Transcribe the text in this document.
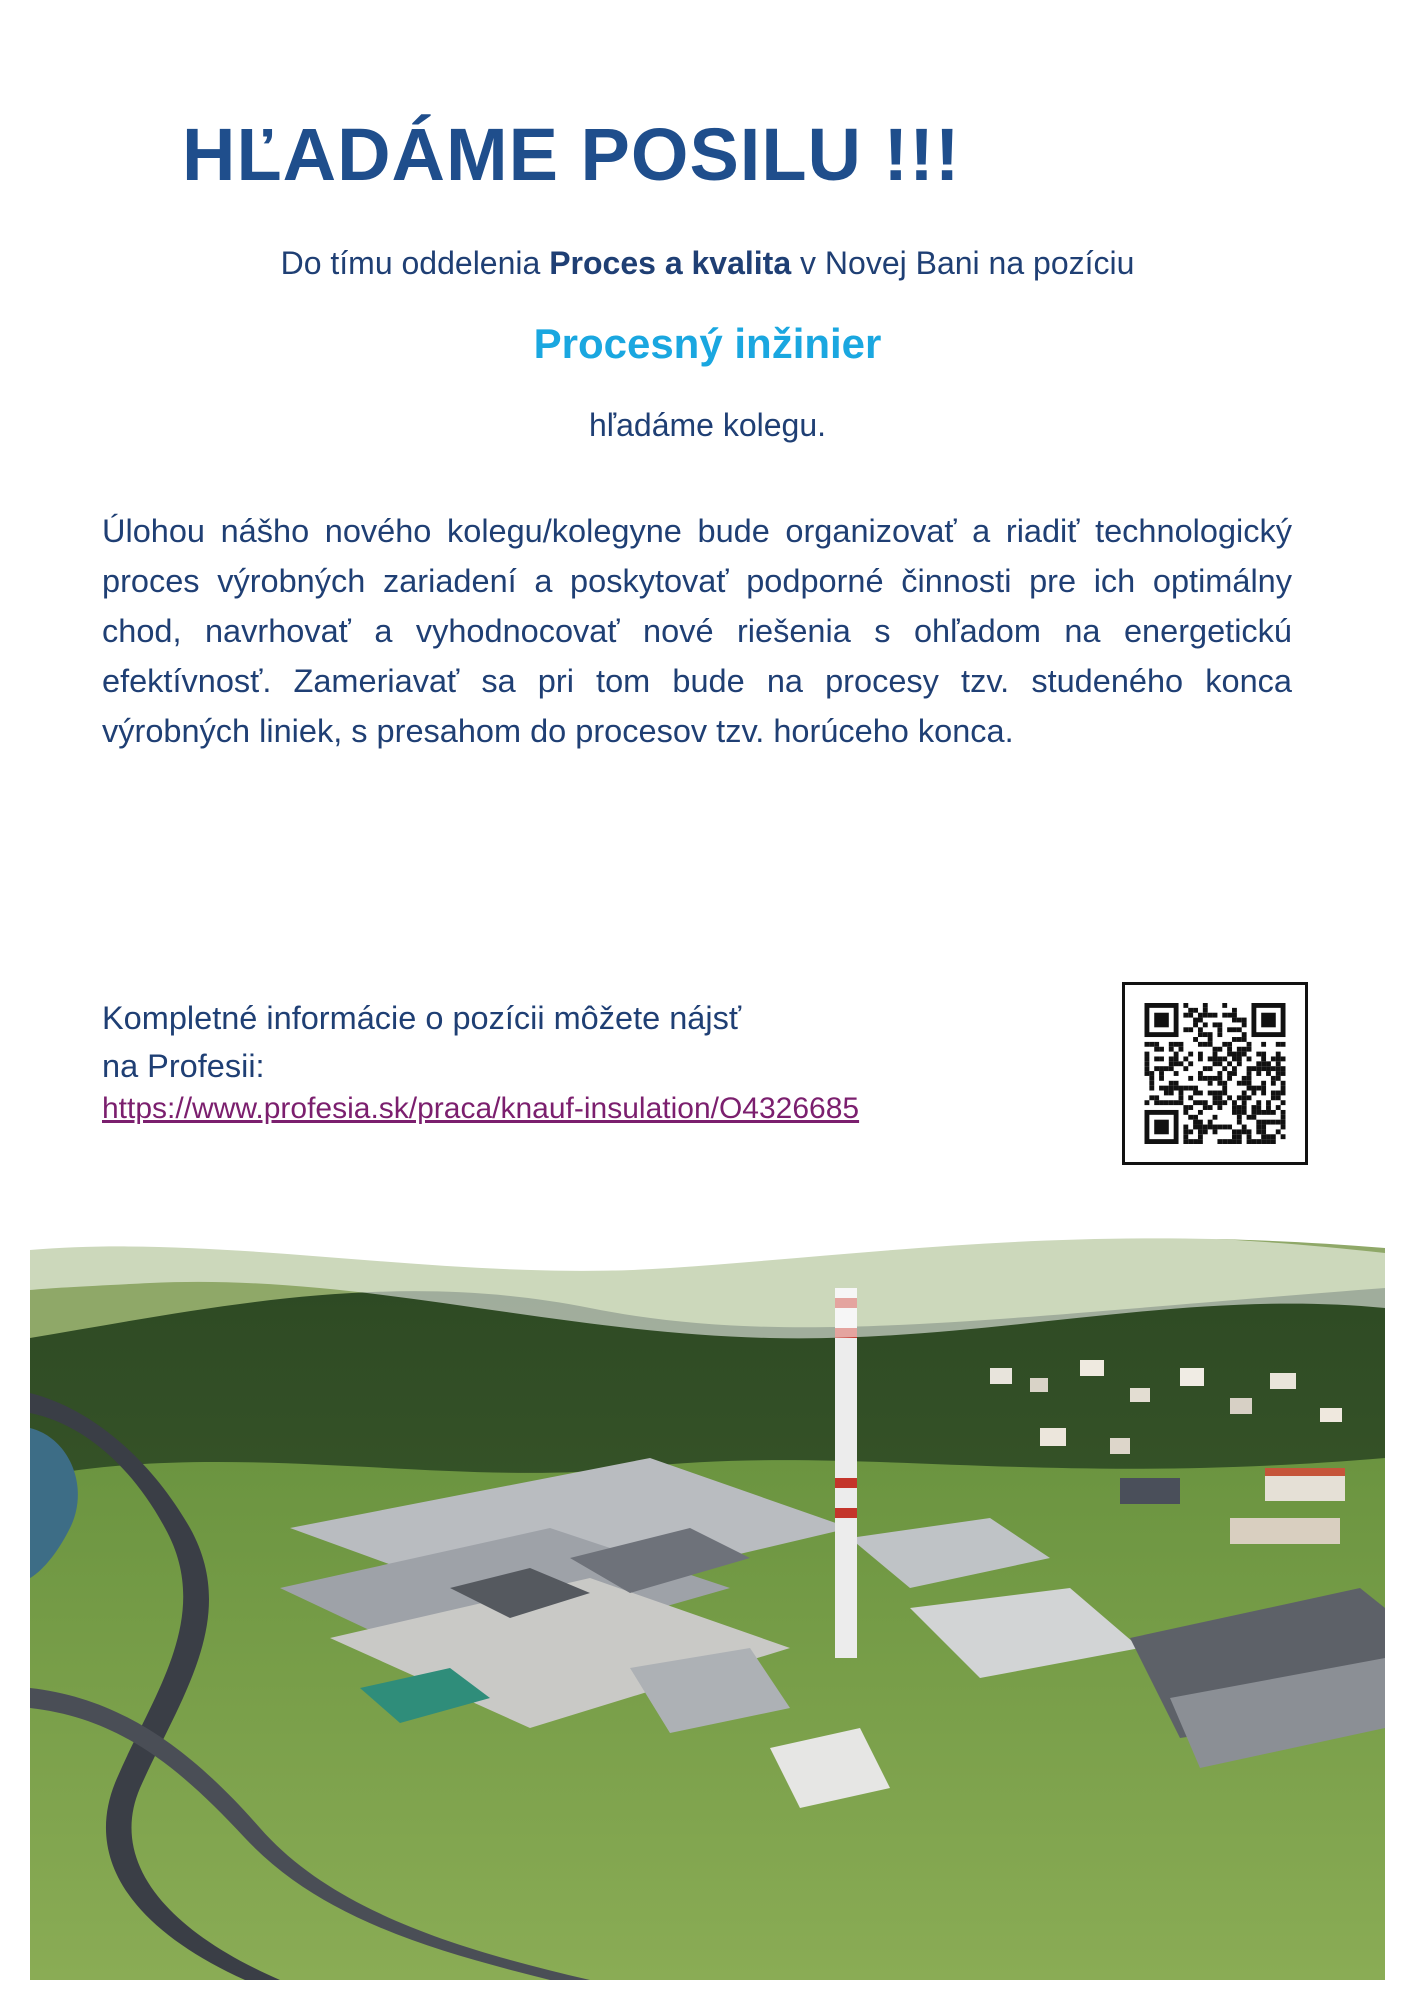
HĽADÁME POSILU !!!

Do tímu oddelenia Proces a kvalita v Novej Bani na pozíciu

Procesný inžinier

hľadáme kolegu.

Úlohou nášho nového kolegu/kolegyne bude organizovať a riadiť technologický proces výrobných zariadení a poskytovať podporné činnosti pre ich optimálny chod, navrhovať a vyhodnocovať nové riešenia s ohľadom na energetickú efektívnosť. Zameriavať sa pri tom bude na procesy tzv. studeného konca výrobných liniek, s presahom do procesov tzv. horúceho konca.

Kompletné informácie o pozícii môžete nájsť
na Profesii:

https://www.profesia.sk/praca/knauf-insulation/O4326685
